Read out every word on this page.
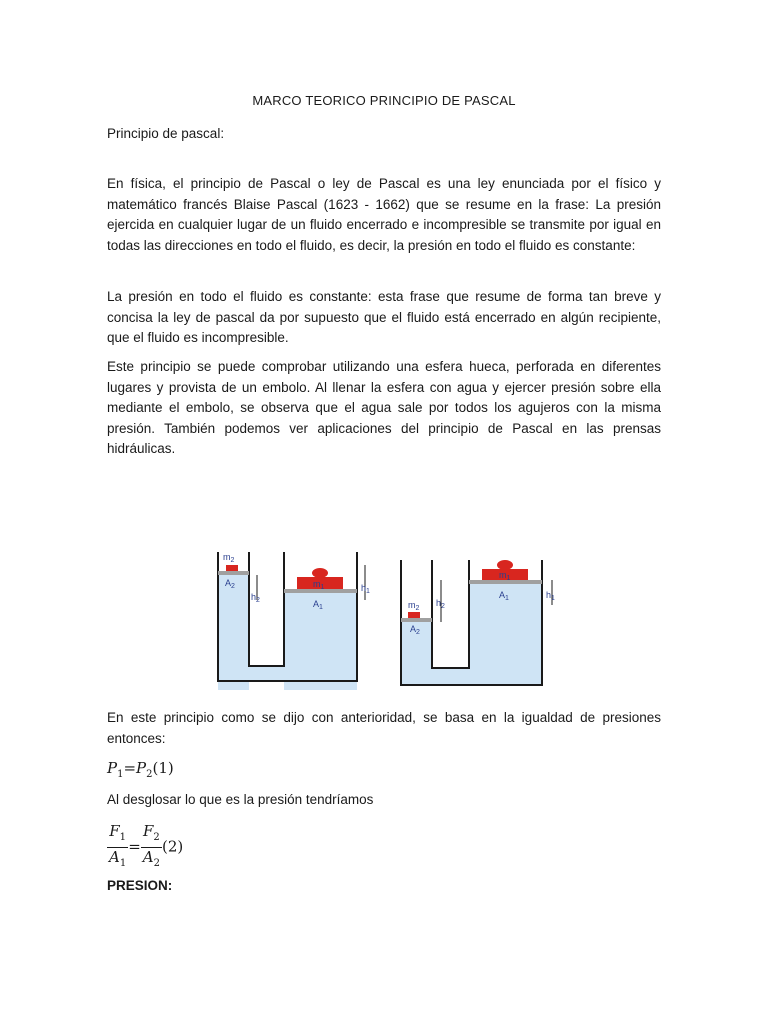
MARCO TEORICO PRINCIPIO DE PASCAL
Principio de pascal:

En física, el principio de Pascal o ley de Pascal es una ley enunciada por el físico y matemático francés Blaise Pascal (1623 - 1662) que se resume en la frase: La presión ejercida en cualquier lugar de un fluido encerrado e incompresible se transmite por igual en todas las direcciones en todo el fluido, es decir, la presión en todo el fluido es constante:

La presión en todo el fluido es constante: esta frase que resume de forma tan breve y concisa la ley de pascal da por supuesto que el fluido está encerrado en algún recipiente, que el fluido es incompresible.

Este principio se puede comprobar utilizando una esfera hueca, perforada en diferentes lugares y provista de un embolo. Al llenar la esfera con agua y ejercer presión sobre ella mediante el embolo, se observa que el agua sale por todos los agujeros con la misma presión. También podemos ver aplicaciones del principio de Pascal en las prensas hidráulicas.

$m_2$
$A_2$
$h_2$
$m_1$
$A_1$
$h_1$
$m_2$
$A_2$
$h_2$
$m_1$
$A_1$	$h_1$

En este principio como se dijo con anterioridad, se basa en la igualdad de presiones entonces:

$P_1=P_2(1)$
Al desglosar lo que es la presión tendríamos
$\frac{F_1}{A_1} = \frac{F_2}{A_2} (2)$
PRESION:
